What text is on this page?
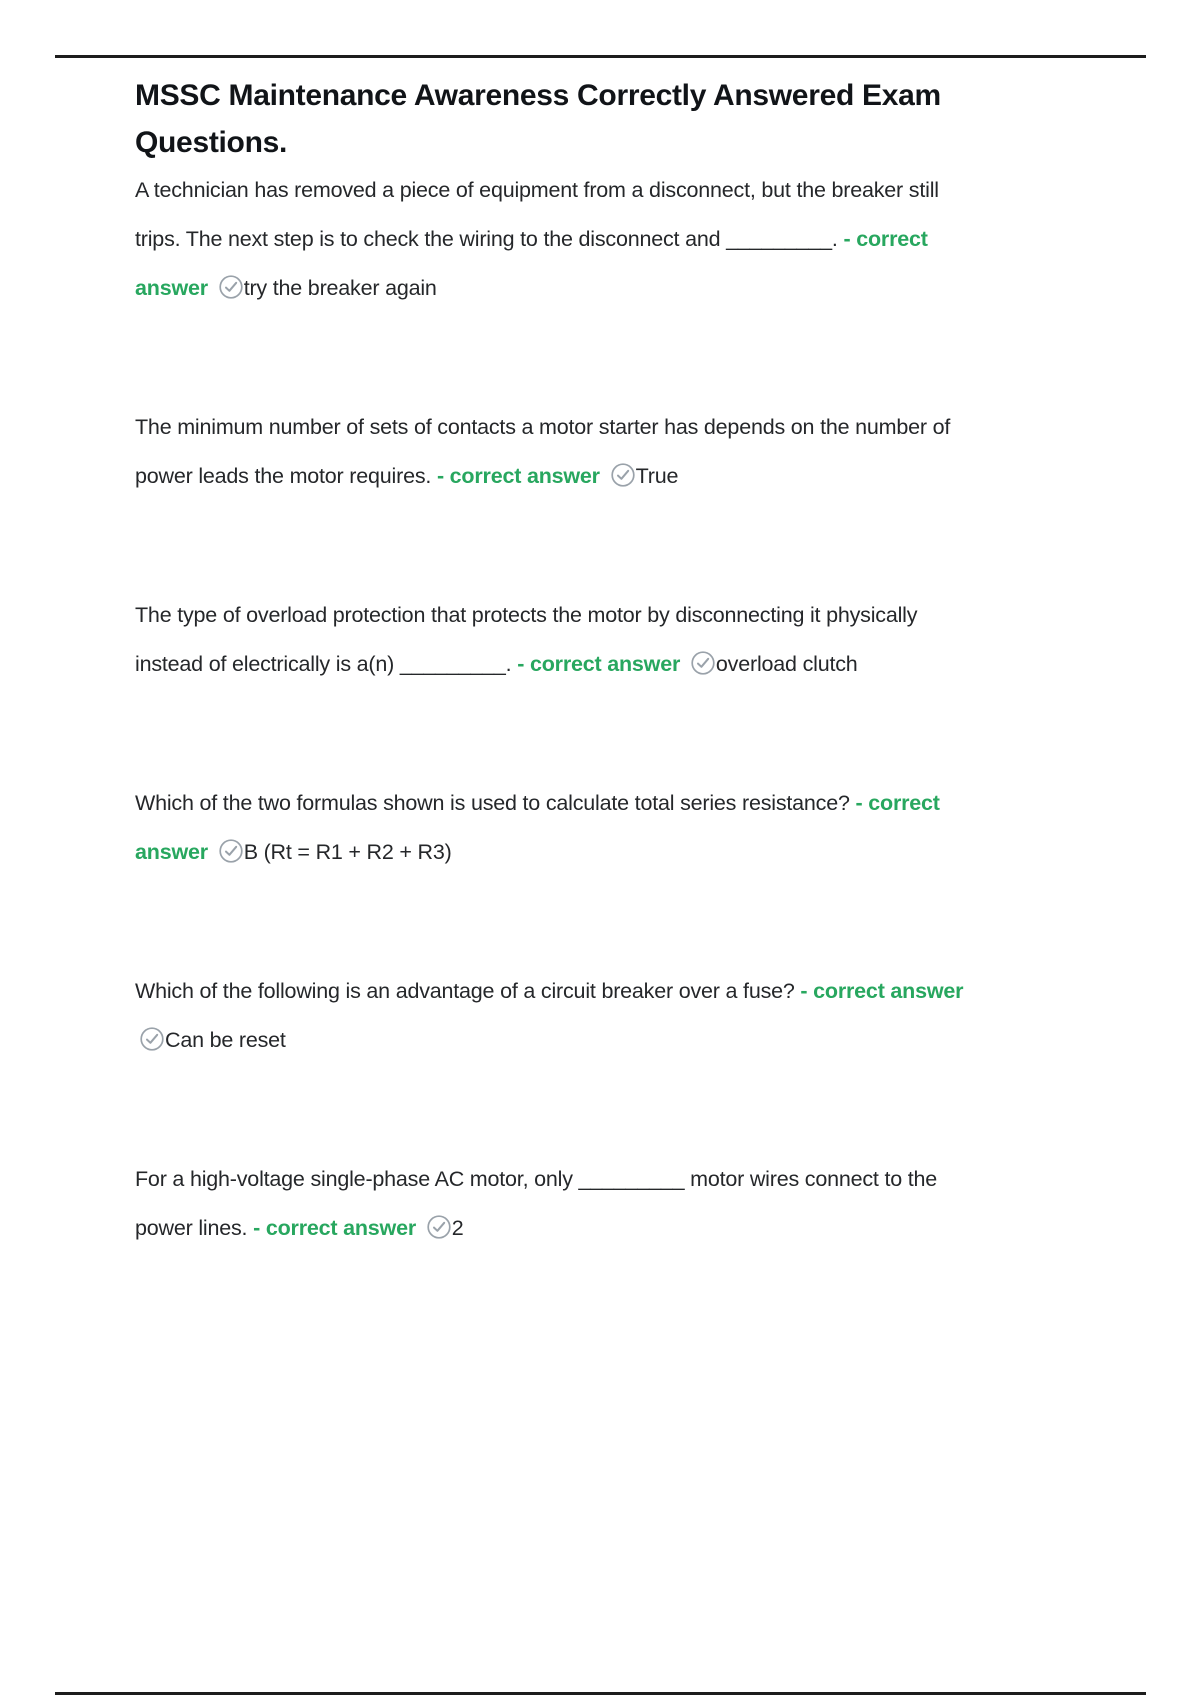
MSSC Maintenance Awareness Correctly Answered Exam Questions.

A technician has removed a piece of equipment from a disconnect, but the breaker still trips. The next step is to check the wiring to the disconnect and _________. - correct answer try the breaker again

The minimum number of sets of contacts a motor starter has depends on the number of power leads the motor requires. - correct answer True

The type of overload protection that protects the motor by disconnecting it physically instead of electrically is a(n) _________. - correct answer overload clutch

Which of the two formulas shown is used to calculate total series resistance? - correct answer B (Rt = R1 + R2 + R3)

Which of the following is an advantage of a circuit breaker over a fuse? - correct answer Can be reset

For a high-voltage single-phase AC motor, only _________ motor wires connect to the power lines. - correct answer 2
